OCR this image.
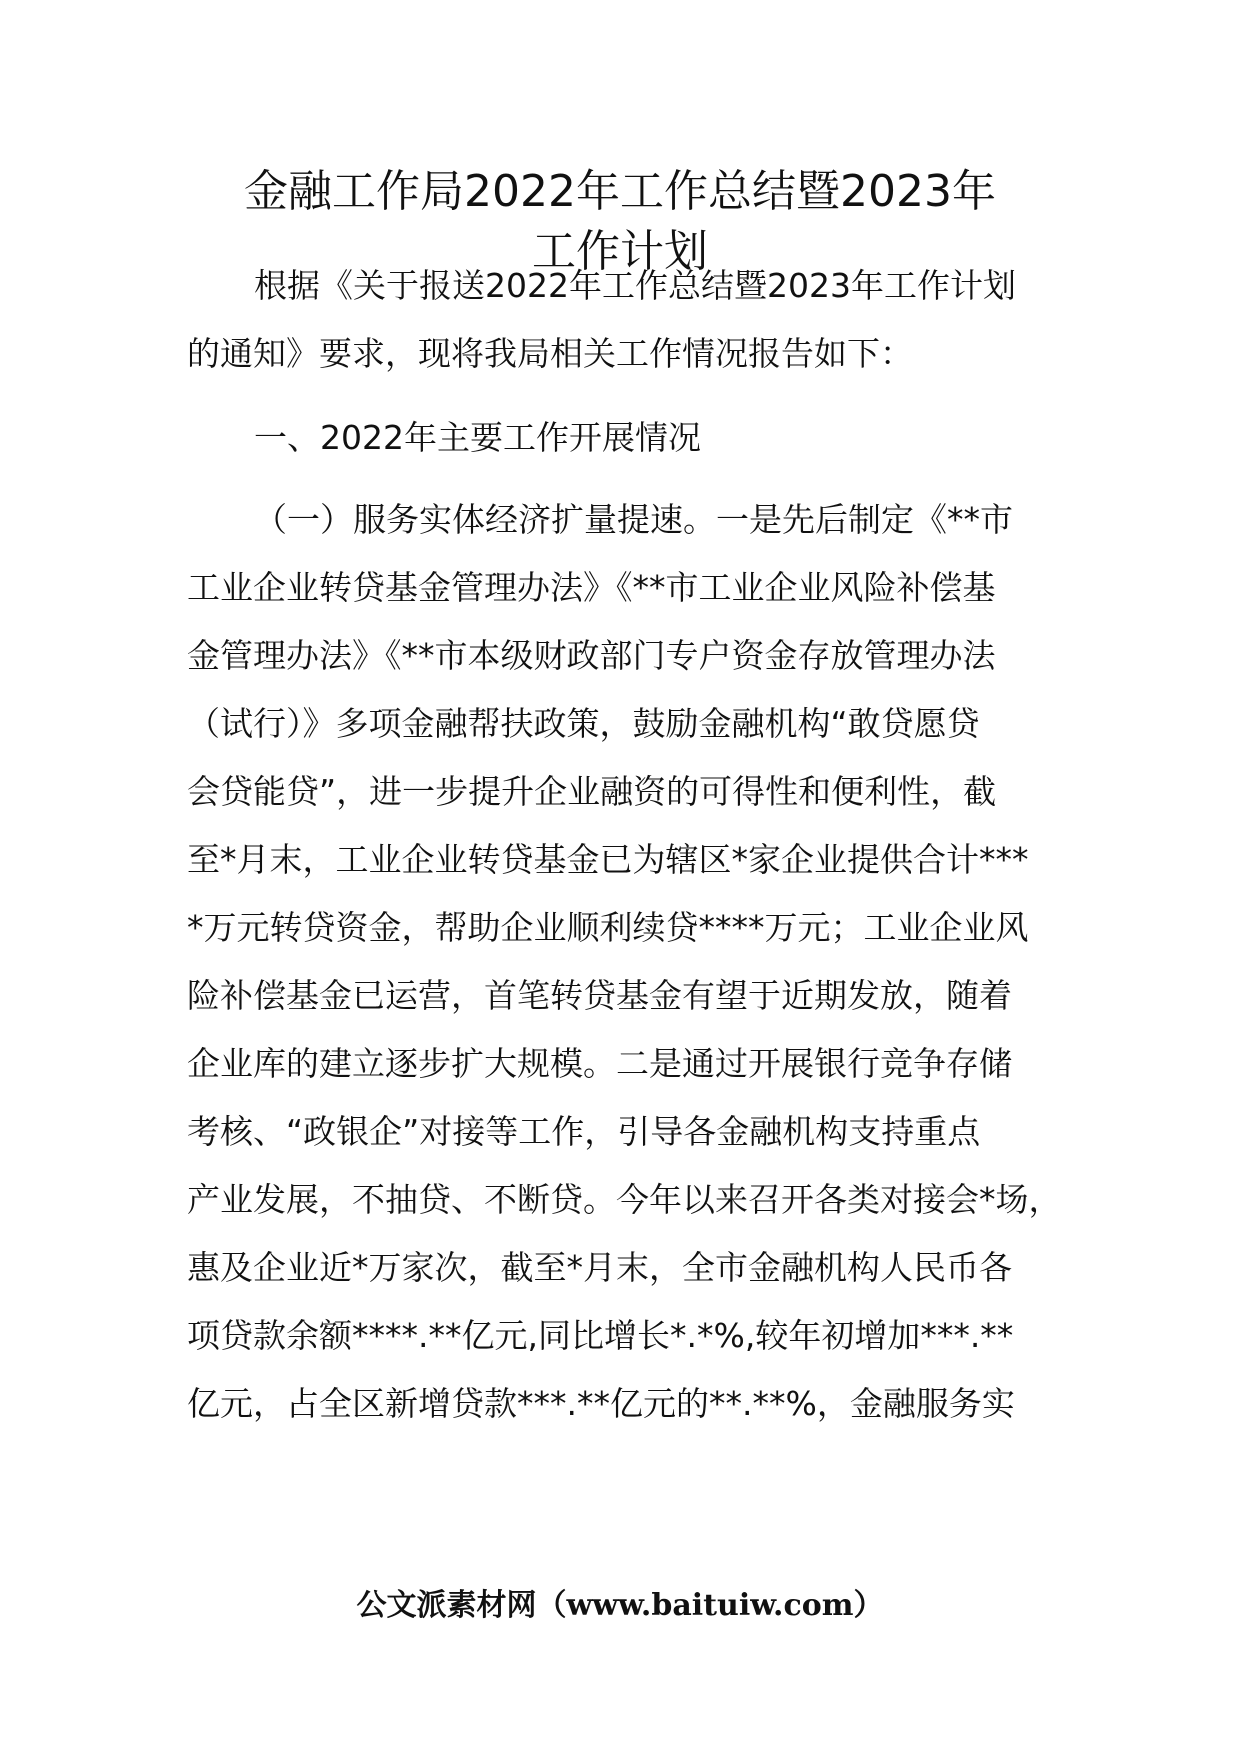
金融工作局2022年工作总结暨2023年
工作计划
根据《关于报送2022年工作总结暨2023年工作计划
的通知》要求，现将我局相关工作情况报告如下：
一、2022年主要工作开展情况
（一）服务实体经济扩量提速。一是先后制定《**市
工业企业转贷基金管理办法》《**市工业企业风险补偿基
金管理办法》《**市本级财政部门专户资金存放管理办法
（试行）》多项金融帮扶政策，鼓励金融机构“敢贷愿贷
会贷能贷”，进一步提升企业融资的可得性和便利性，截
至*月末，工业企业转贷基金已为辖区*家企业提供合计***
*万元转贷资金，帮助企业顺利续贷****万元；工业企业风
险补偿基金已运营，首笔转贷基金有望于近期发放，随着
企业库的建立逐步扩大规模。二是通过开展银行竞争存储
考核、“政银企”对接等工作，引导各金融机构支持重点
产业发展，不抽贷、不断贷。今年以来召开各类对接会*场，
惠及企业近*万家次，截至*月末，全市金融机构人民币各
项贷款余额****.**亿元,同比增长*.*%,较年初增加***.**
亿元，占全区新增贷款***.**亿元的**.**%，金融服务实
公文派素材网（www.baituiw.com）
